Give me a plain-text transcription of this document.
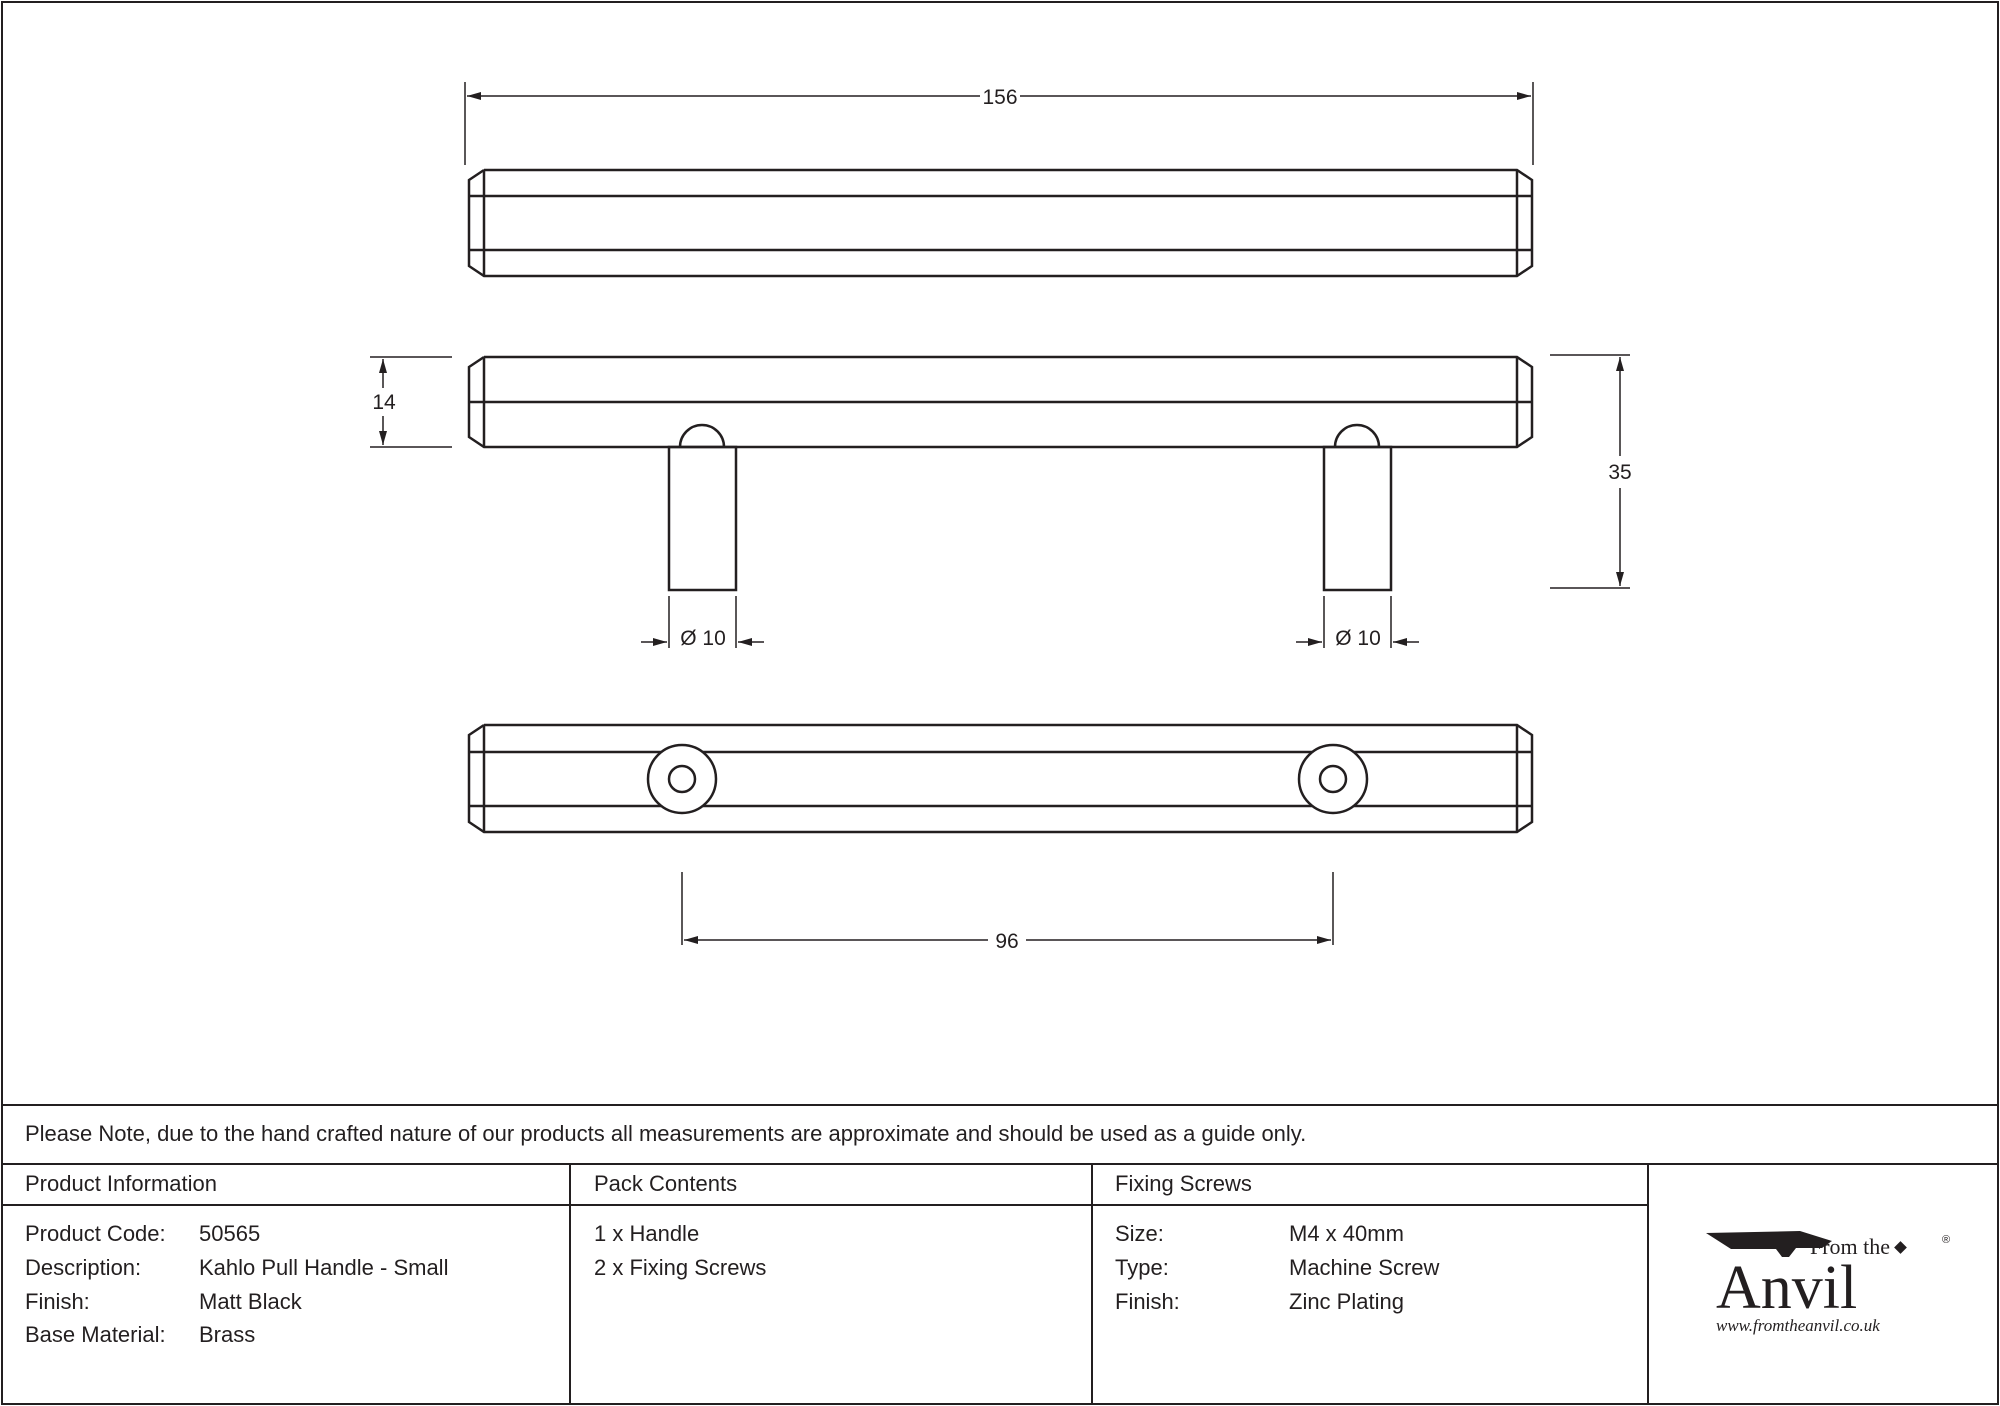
156
14
35
Ø 10	Ø 10
96
From the	®
Anvil
www.fromtheanvil.co.uk
Please Note, due to the hand crafted nature of our products all measurements are approximate and should be used as a guide only.
Product Information	Pack Contents	Fixing Screws
Product Code: 50565
Description:	Kahlo Pull Handle - Small
Finish:	Matt Black
Base Material: Brass
1 x Handle
2 x Fixing Screws
Size:	M4 x 40mm
Type:	Machine Screw
Finish:	Zinc Plating
